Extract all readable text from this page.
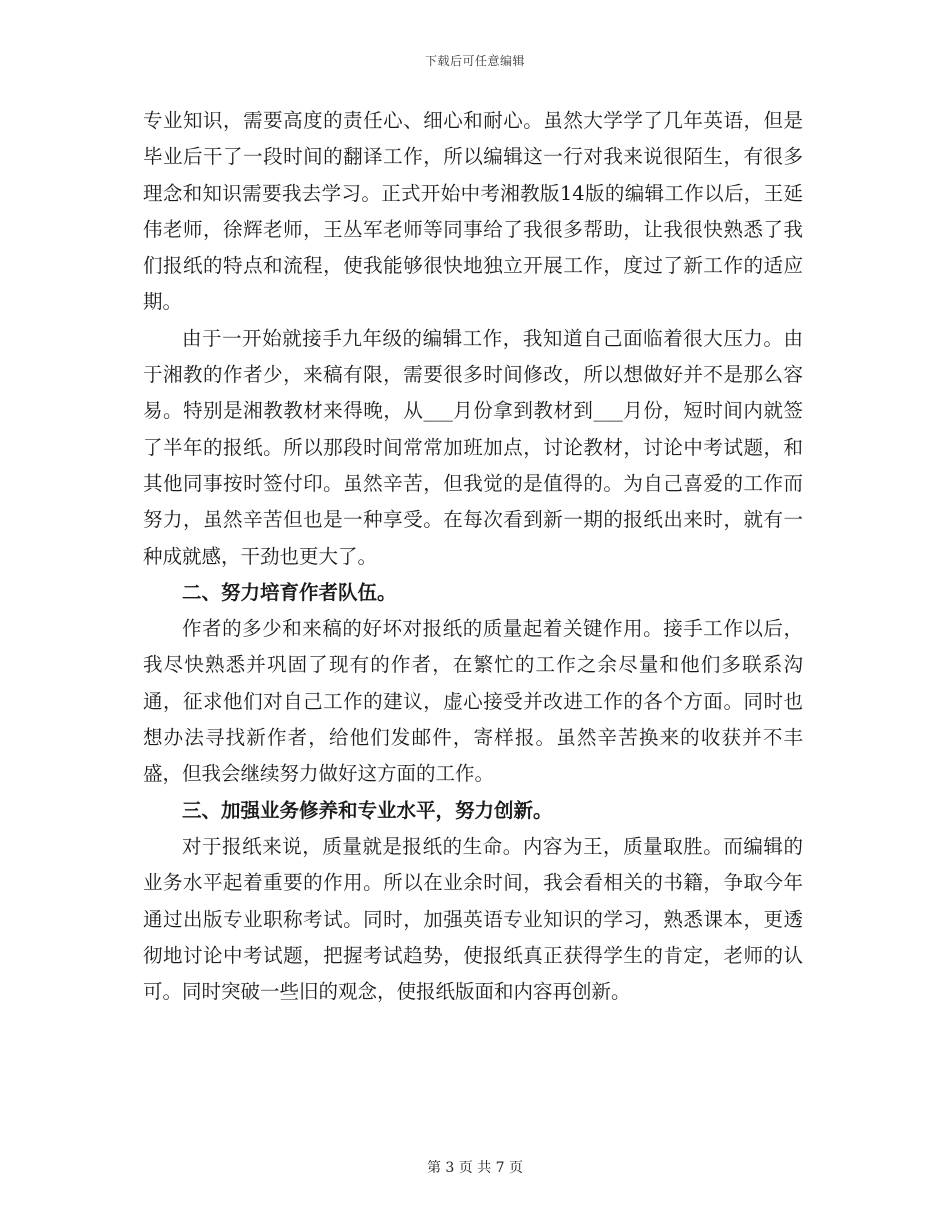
下载后可任意编辑

专业知识，需要高度的责任心、细心和耐心。虽然大学学了几年英语，但是毕业后干了一段时间的翻译工作，所以编辑这一行对我来说很陌生，有很多理念和知识需要我去学习。正式开始中考湘教版14版的编辑工作以后，王延伟老师，徐辉老师，王丛军老师等同事给了我很多帮助，让我很快熟悉了我们报纸的特点和流程，使我能够很快地独立开展工作，度过了新工作的适应期。

由于一开始就接手九年级的编辑工作，我知道自己面临着很大压力。由于湘教的作者少，来稿有限，需要很多时间修改，所以想做好并不是那么容易。特别是湘教教材来得晚，从___月份拿到教材到___月份，短时间内就签了半年的报纸。所以那段时间常常加班加点，讨论教材，讨论中考试题，和其他同事按时签付印。虽然辛苦，但我觉的是值得的。为自己喜爱的工作而努力，虽然辛苦但也是一种享受。在每次看到新一期的报纸出来时，就有一种成就感，干劲也更大了。

二、努力培育作者队伍。

作者的多少和来稿的好坏对报纸的质量起着关键作用。接手工作以后，我尽快熟悉并巩固了现有的作者，在繁忙的工作之余尽量和他们多联系沟通，征求他们对自己工作的建议，虚心接受并改进工作的各个方面。同时也想办法寻找新作者，给他们发邮件，寄样报。虽然辛苦换来的收获并不丰盛，但我会继续努力做好这方面的工作。

三、加强业务修养和专业水平，努力创新。

对于报纸来说，质量就是报纸的生命。内容为王，质量取胜。而编辑的业务水平起着重要的作用。所以在业余时间，我会看相关的书籍，争取今年通过出版专业职称考试。同时，加强英语专业知识的学习，熟悉课本，更透彻地讨论中考试题，把握考试趋势，使报纸真正获得学生的肯定，老师的认可。同时突破一些旧的观念，使报纸版面和内容再创新。

第 3 页 共 7 页
